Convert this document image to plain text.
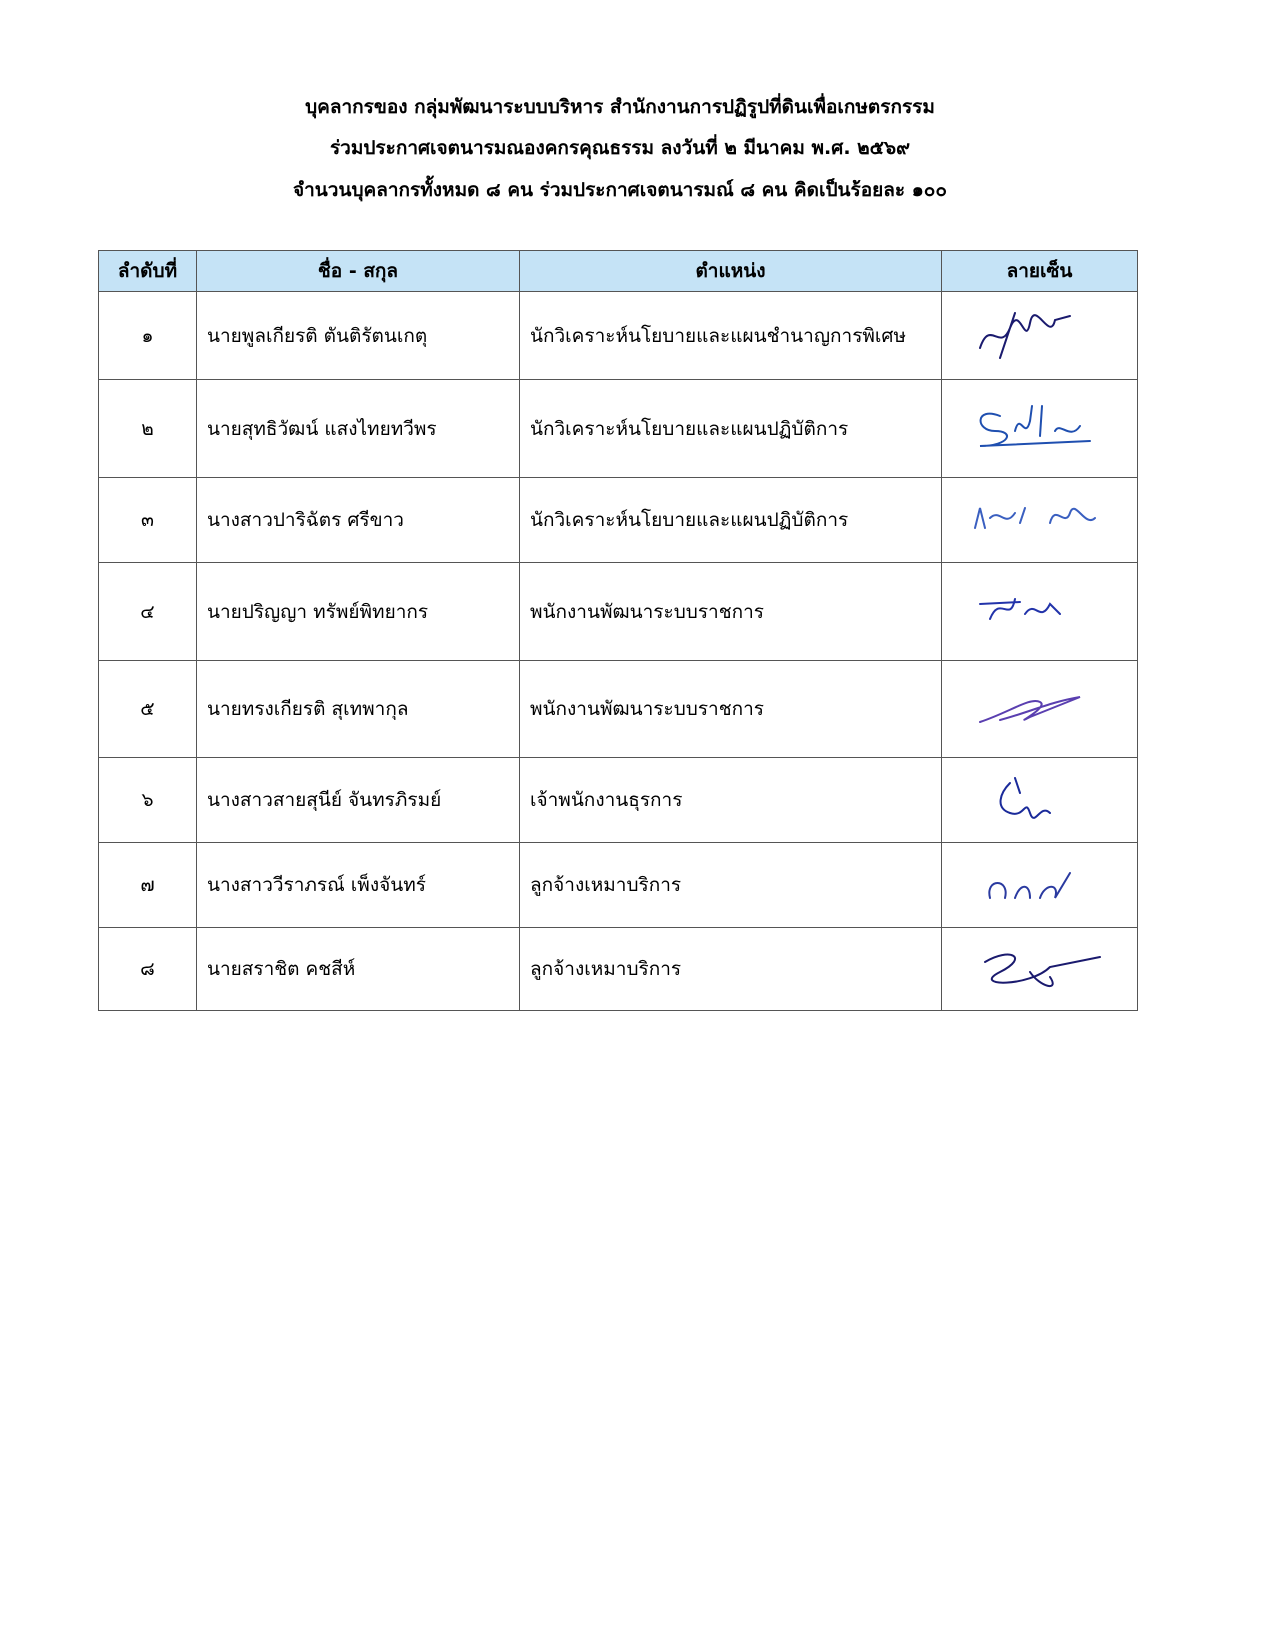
บุคลากรของ กลุ่มพัฒนาระบบบริหาร สำนักงานการปฏิรูปที่ดินเพื่อเกษตรกรรม
ร่วมประกาศเจตนารมณองคกรคุณธรรม ลงวันที่ ๒ มีนาคม พ.ศ. ๒๕๖๙
จำนวนบุคลากรทั้งหมด ๘ คน ร่วมประกาศเจตนารมณ์ ๘ คน คิดเป็นร้อยละ ๑๐๐
ลำดับที่	ชื่อ - สกุล	ตำแหน่ง	ลายเซ็น
๑	นายพูลเกียรติ ตันติรัตนเกตุ	นักวิเคราะห์นโยบายและแผนชำนาญการพิเศษ	

๒	นายสุทธิวัฒน์ แสงไทยทวีพร	นักวิเคราะห์นโยบายและแผนปฏิบัติการ	

๓	นางสาวปาริฉัตร ศรีขาว	นักวิเคราะห์นโยบายและแผนปฏิบัติการ	

๔	นายปริญญา ทรัพย์พิทยากร	พนักงานพัฒนาระบบราชการ	

๕	นายทรงเกียรติ สุเทพากุล	พนักงานพัฒนาระบบราชการ	

๖	นางสาวสายสุนีย์ จันทรภิรมย์	เจ้าพนักงานธุรการ	

๗	นางสาววีราภรณ์ เพ็งจันทร์	ลูกจ้างเหมาบริการ	

๘	นายสราชิต คชสีห์	ลูกจ้างเหมาบริการ	
